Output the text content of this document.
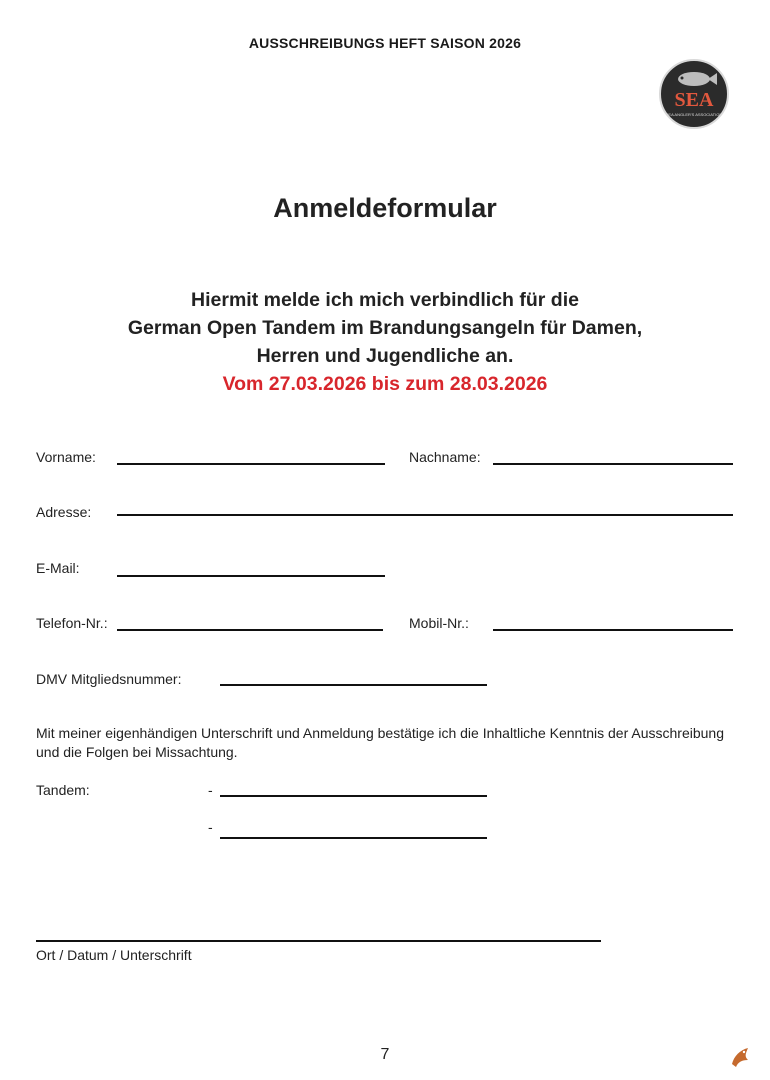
AUSSCHREIBUNGS HEFT SAISON 2026
SEA
SEA ANGLER'S ASSOCIATION
Anmeldeformular
Hiermit melde ich mich verbindlich für die
German Open Tandem im Brandungsangeln für Damen,
Herren und Jugendliche an.
Vom 27.03.2026 bis zum 28.03.2026
Vorname:	Nachname:
Adresse:
E-Mail:
Telefon-Nr.:	Mobil-Nr.:
DMV Mitgliedsnummer:
Mit meiner eigenhändigen Unterschrift und Anmeldung bestätige ich die Inhaltliche Kenntnis der Ausschreibung und die Folgen bei Missachtung.
Tandem:	-
-
Ort / Datum / Unterschrift
7
